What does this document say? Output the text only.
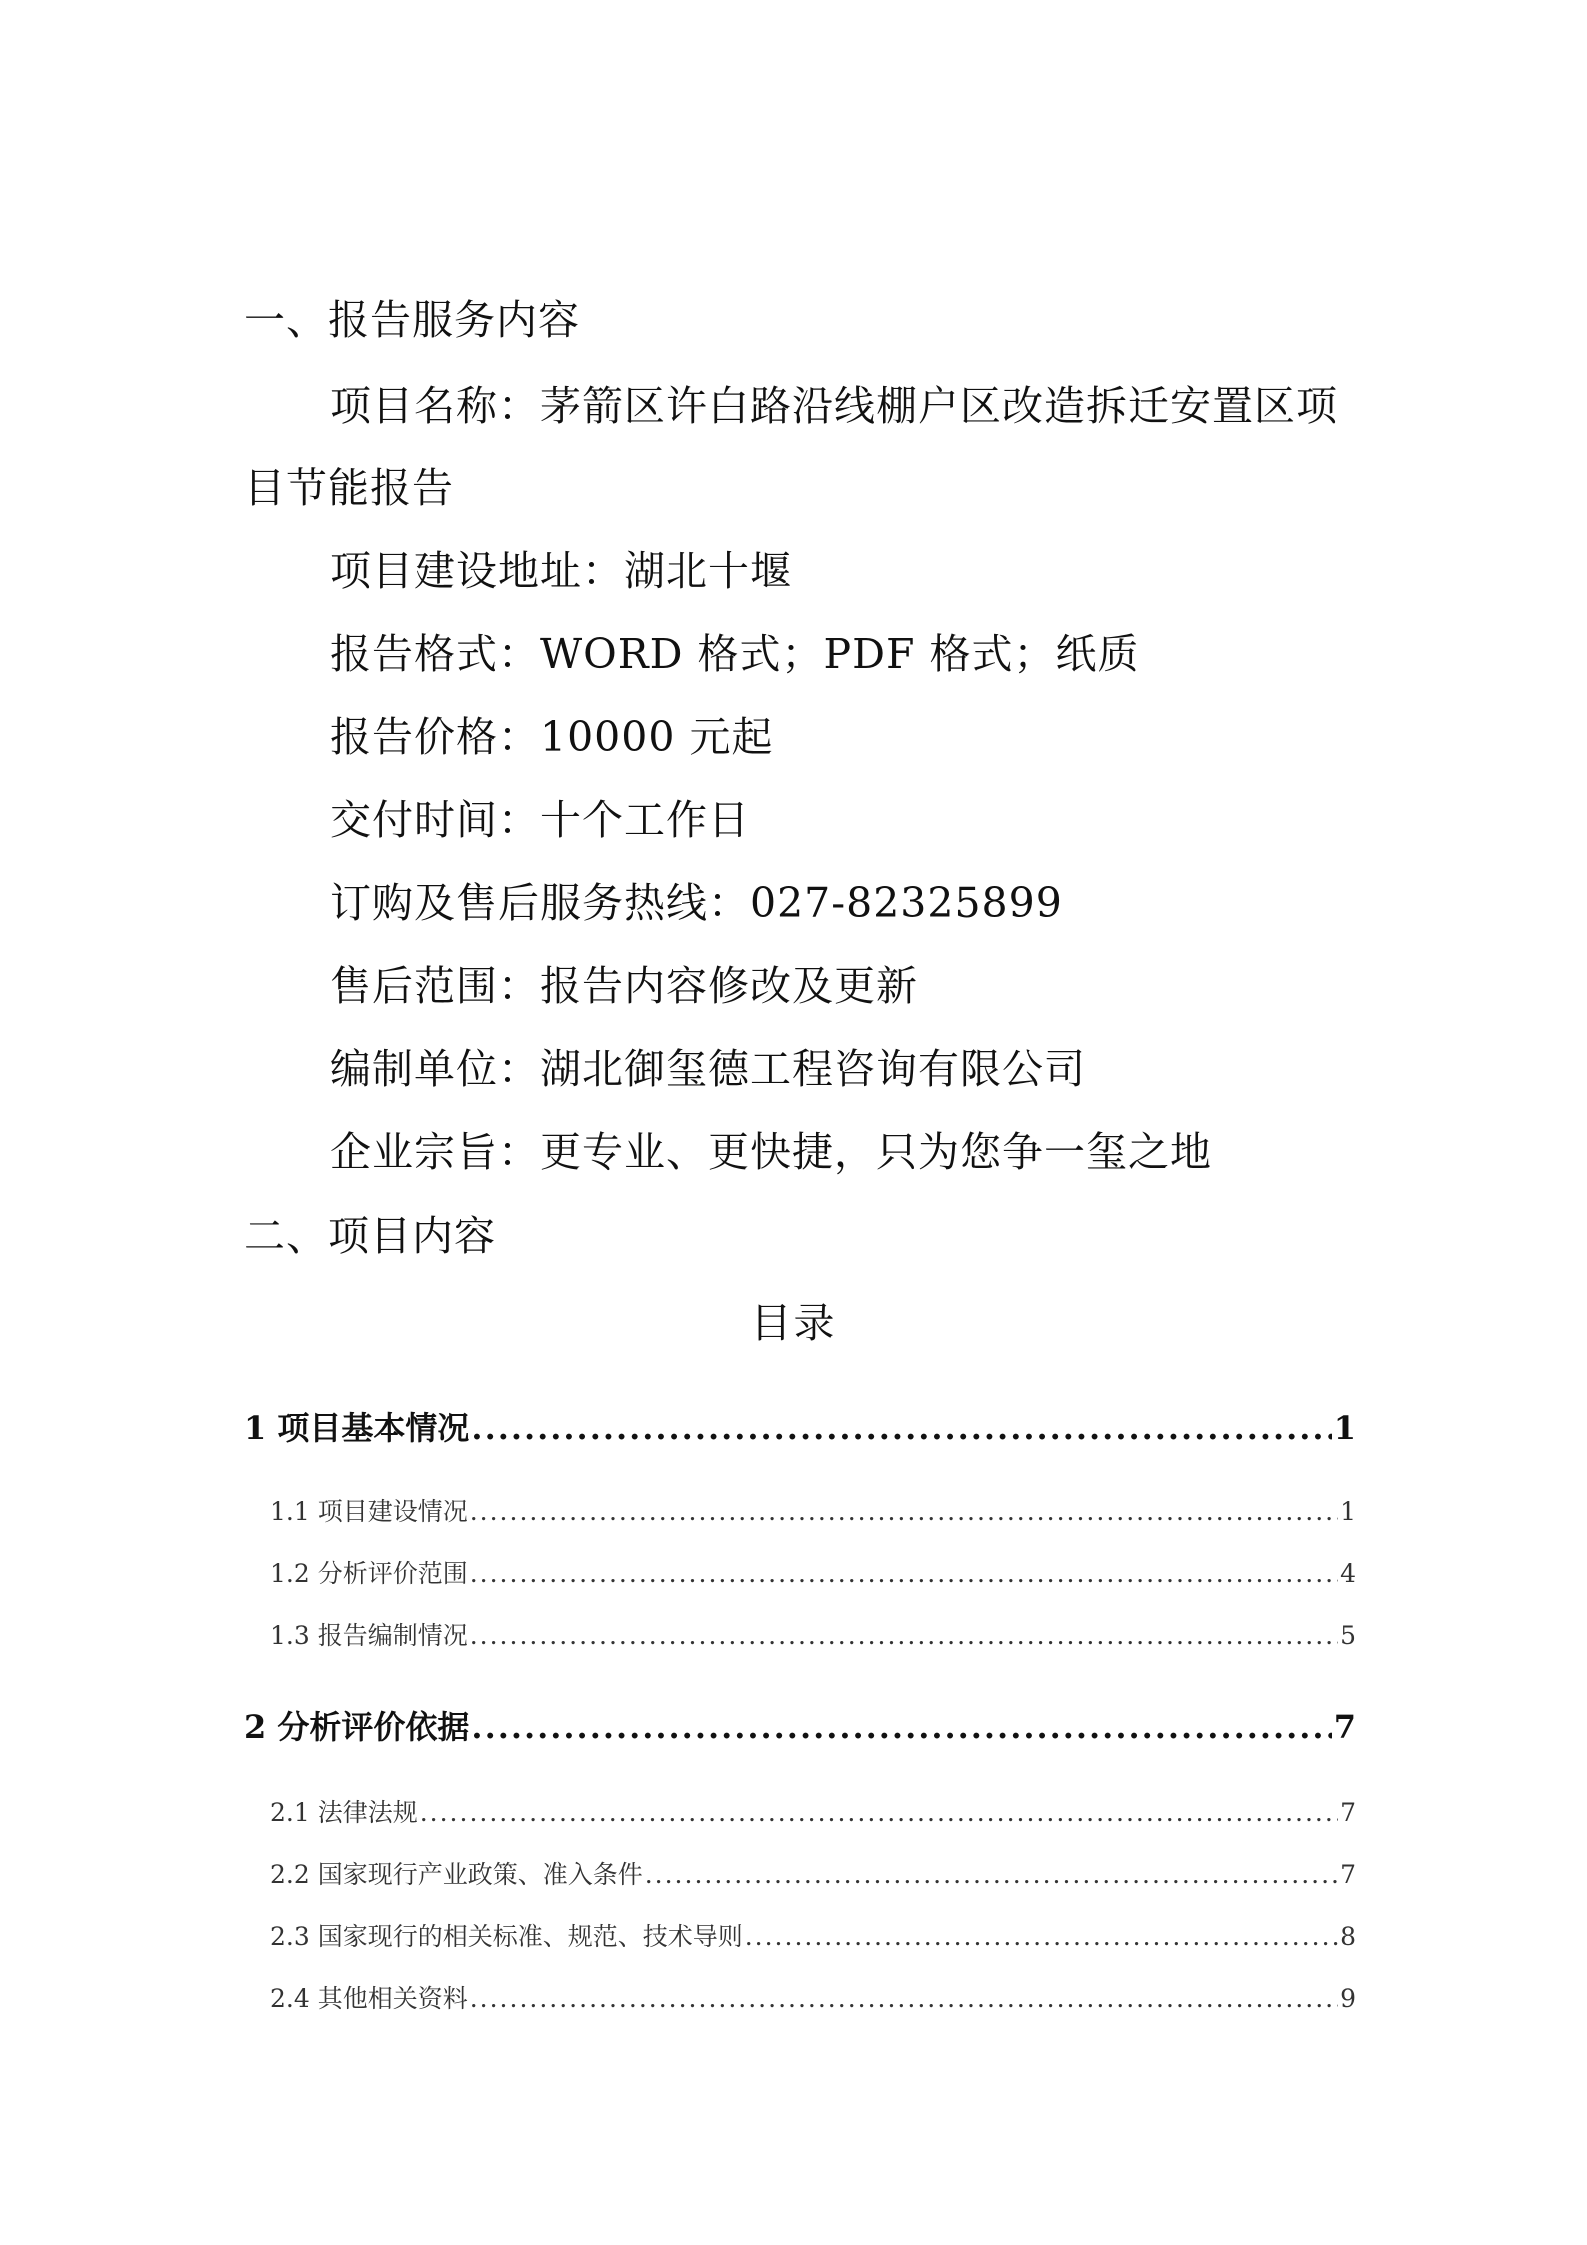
一、报告服务内容
项目名称：茅箭区许白路沿线棚户区改造拆迁安置区项
目节能报告
项目建设地址：湖北十堰
报告格式：WORD 格式；PDF 格式；纸质
报告价格：10000 元起
交付时间：十个工作日
订购及售后服务热线：027-82325899
售后范围：报告内容修改及更新
编制单位：湖北御玺德工程咨询有限公司
企业宗旨：更专业、更快捷，只为您争一玺之地
二、项目内容
目录
1 项目基本情况 .....	1
1.1 项目建设情况 .....	1
1.2 分析评价范围 .....	4
1.3 报告编制情况 .....	5
2 分析评价依据 .....	7
2.1 法律法规 .....	7
2.2 国家现行产业政策、准入条件 .....	7
2.3 国家现行的相关标准、规范、技术导则 .....	8
2.4 其他相关资料 .....	9
